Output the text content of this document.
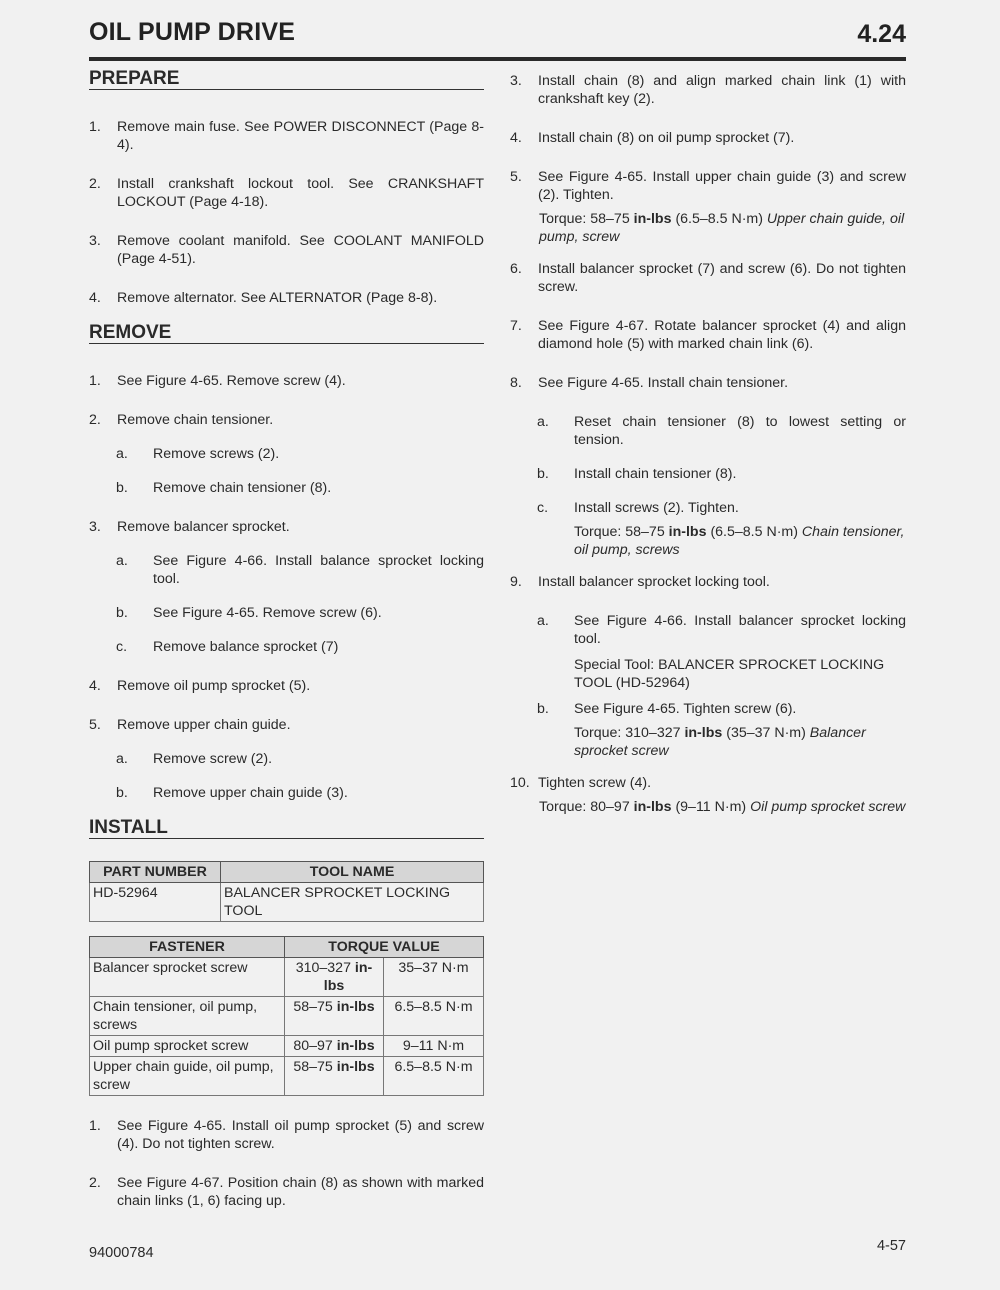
OIL PUMP DRIVE	4.24
PREPARE
1.	Remove main fuse. See POWER DISCONNECT (Page 8-4).
2.	Install crankshaft lockout tool. See CRANKSHAFT LOCKOUT (Page 4-18).
3.	Remove coolant manifold. See COOLANT MANIFOLD (Page 4-51).
4.	Remove alternator. See ALTERNATOR (Page 8-8).
REMOVE
1.	See Figure 4-65. Remove screw (4).
2.	Remove chain tensioner.
a.	Remove screws (2).
b.	Remove chain tensioner (8).
3.	Remove balancer sprocket.
a.	See Figure 4-66. Install balance sprocket locking tool.
b.	See Figure 4-65. Remove screw (6).
c.	Remove balance sprocket (7)
4.	Remove oil pump sprocket (5).
5.	Remove upper chain guide.
a.	Remove screw (2).
b.	Remove upper chain guide (3).
INSTALL
PART NUMBER	TOOL NAME
HD-52964	BALANCER SPROCKET LOCKING TOOL
FASTENER	TORQUE VALUE	
Balancer sprocket screw	310–327 in-lbs	35–37 N·m
Chain tensioner, oil pump, screws	58–75 in-lbs	6.5–8.5 N·m
Oil pump sprocket screw	80–97 in-lbs	9–11 N·m
Upper chain guide, oil pump, screw	58–75 in-lbs	6.5–8.5 N·m
1.	See Figure 4-65. Install oil pump sprocket (5) and screw (4). Do not tighten screw.
2.	See Figure 4-67. Position chain (8) as shown with marked chain links (1, 6) facing up.
3.	Install chain (8) and align marked chain link (1) with crankshaft key (2).
4.	Install chain (8) on oil pump sprocket (7).
5.	See Figure 4-65. Install upper chain guide (3) and screw (2). Tighten.
Torque: 58–75 in-lbs (6.5–8.5 N·m) Upper chain guide, oil pump, screw
6.	Install balancer sprocket (7) and screw (6). Do not tighten screw.
7.	See Figure 4-67. Rotate balancer sprocket (4) and align diamond hole (5) with marked chain link (6).
8.	See Figure 4-65. Install chain tensioner.
a.	Reset chain tensioner (8) to lowest setting or tension.
b.	Install chain tensioner (8).
c.	Install screws (2). Tighten.
Torque: 58–75 in-lbs (6.5–8.5 N·m) Chain tensioner, oil pump, screws
9.	Install balancer sprocket locking tool.
a.	See Figure 4-66. Install balancer sprocket locking tool.
Special Tool: BALANCER SPROCKET LOCKING TOOL (HD-52964)
b.	See Figure 4-65. Tighten screw (6).
Torque: 310–327 in-lbs (35–37 N·m) Balancer sprocket screw
10. Tighten screw (4).
Torque: 80–97 in-lbs (9–11 N·m) Oil pump sprocket screw
94000784	4-57
